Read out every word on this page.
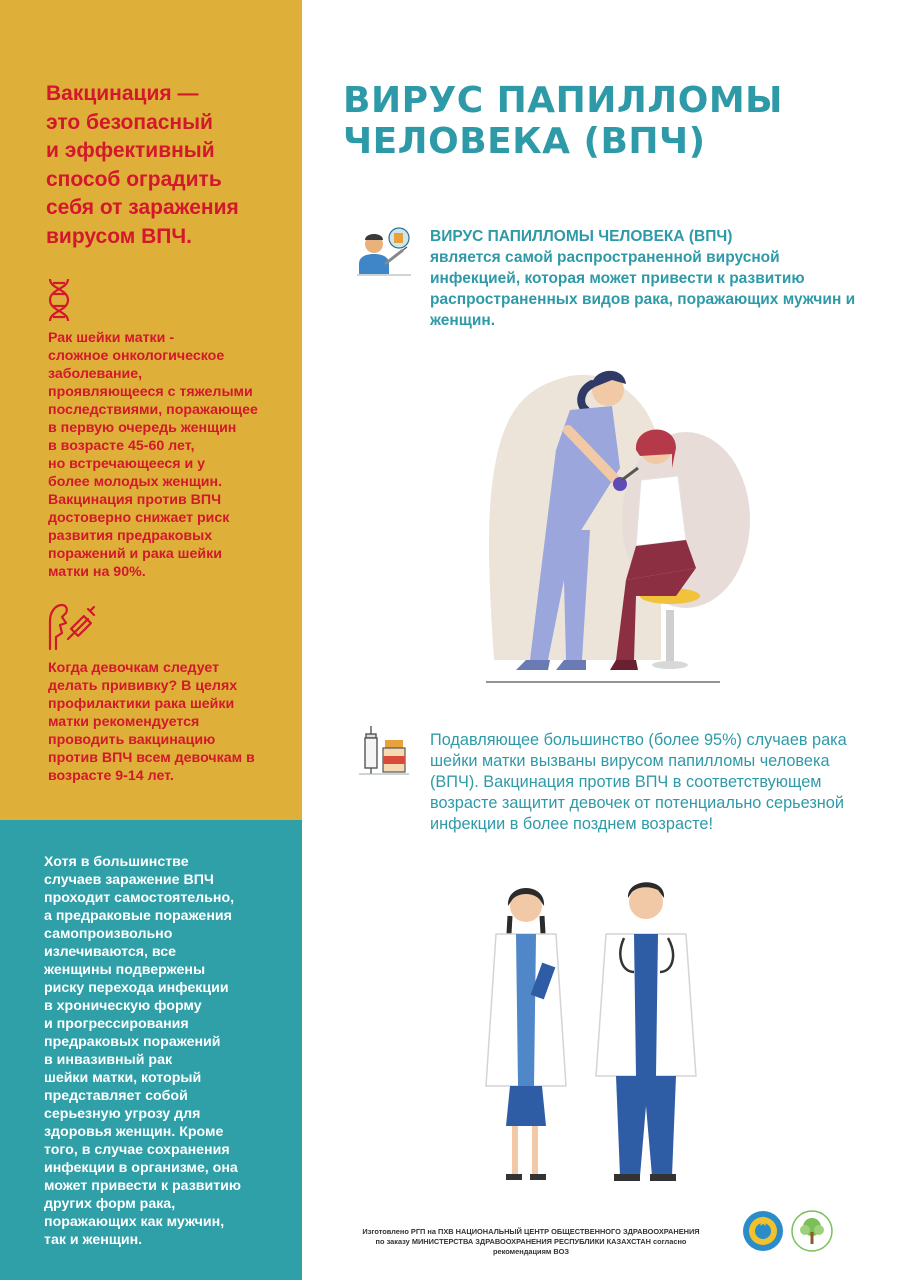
Вакцинация —
это безопасный
и эффективный
способ оградить
себя от заражения
вирусом ВПЧ.

Рак шейки матки -
сложное онкологическое
заболевание,
проявляющееся с тяжелыми
последствиями, поражающее
в первую очередь женщин
в возрасте 45-60 лет,
но встречающееся и у
более молодых женщин.
Вакцинация против ВПЧ
достоверно снижает риск
развития предраковых
поражений и рака шейки
матки на 90%.

Когда девочкам следует
делать прививку? В целях
профилактики рака шейки
матки рекомендуется
проводить вакцинацию
против ВПЧ всем девочкам в
возрасте 9-14 лет.

Хотя в большинстве
случаев заражение ВПЧ
проходит самостоятельно,
а предраковые поражения
самопроизвольно
излечиваются, все
женщины подвержены
риску перехода инфекции
в хроническую форму
и прогрессирования
предраковых поражений
в инвазивный рак
шейки матки, который
представляет собой
серьезную угрозу для
здоровья женщин. Кроме
того, в случае сохранения
инфекции в организме, она
может привести к развитию
других форм рака,
поражающих как мужчин,
так и женщин.

ВИРУС ПАПИЛЛОМЫ
ЧЕЛОВЕКА (ВПЧ)

ВИРУС ПАПИЛЛОМЫ ЧЕЛОВЕКА (ВПЧ)
является самой распространенной вирусной инфекцией, которая может привести к развитию распространенных видов рака, поражающих мужчин и женщин.

Подавляющее большинство (более 95%) случаев рака шейки матки вызваны вирусом папилломы человека (ВПЧ). Вакцинация против ВПЧ в соответствующем возрасте защитит девочек от потенциально серьезной инфекции в более позднем возрасте!

Изготовлено РГП на ПХВ НАЦИОНАЛЬНЫЙ ЦЕНТР ОБЩЕСТВЕННОГО ЗДРАВООХРАНЕНИЯ
по заказу МИНИСТЕРСТВА ЗДРАВООХРАНЕНИЯ РЕСПУБЛИКИ КАЗАХСТАН согласно
рекомендациям ВОЗ
